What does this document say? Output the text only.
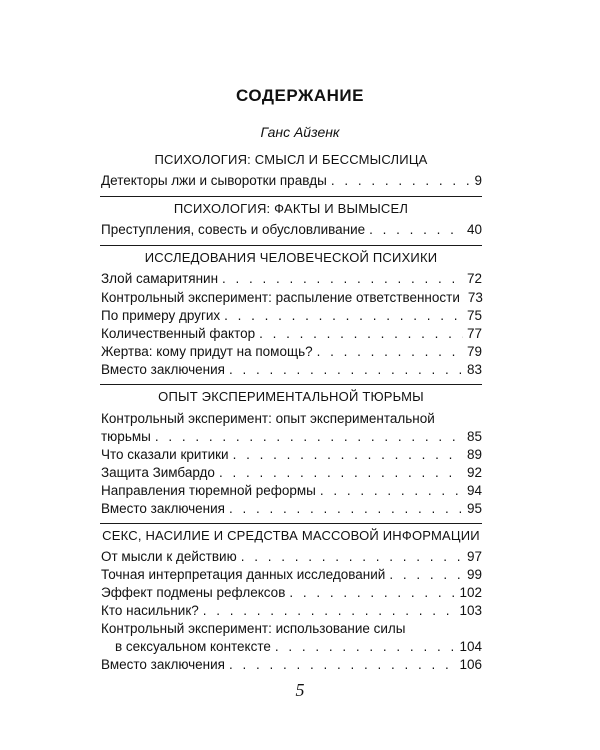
СОДЕРЖАНИЕ
Ганс Айзенк
ПСИХОЛОГИЯ: СМЫСЛ И БЕССМЫСЛИЦА
Детекторы лжи и сыворотки правды . . .	9
ПСИХОЛОГИЯ: ФАКТЫ И ВЫМЫСЕЛ
Преступления, совесть и обусловливание . . .	40
ИССЛЕДОВАНИЯ ЧЕЛОВЕЧЕСКОЙ ПСИХИКИ
Злой самаритянин . . .	72
Контрольный эксперимент: распыление ответственности 73
По примеру других . . .	75
Количественный фактор . . .	77
Жертва: кому придут на помощь? . . .	79
Вместо заключения . . .	83
ОПЫТ ЭКСПЕРИМЕНТАЛЬНОЙ ТЮРЬМЫ
Контрольный эксперимент: опыт экспериментальной
тюрьмы . . .	85
Что сказали критики . . .	89
Защита Зимбардо . . .	92
Направления тюремной реформы . . .	94
Вместо заключения . . .	95
СЕКС, НАСИЛИЕ И СРЕДСТВА МАССОВОЙ ИНФОРМАЦИИ
От мысли к действию . . .	97
Точная интерпретация данных исследований . . .	99
Эффект подмены рефлексов . . .	102
Кто насильник? . . .	103
Контрольный эксперимент: использование силы
в сексуальном контексте . . .	104
Вместо заключения . . .	106
5
